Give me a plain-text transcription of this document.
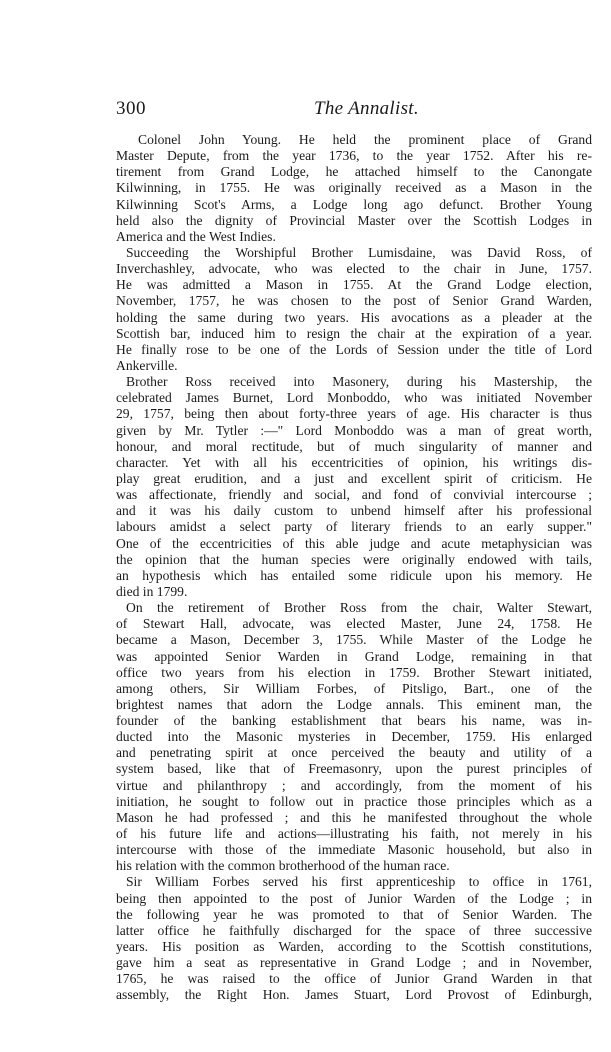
300	The Annalist.
Colonel John Young. He held the prominent place of Grand
Master Depute, from the year 1736, to the year 1752. After his re-
tirement from Grand Lodge, he attached himself to the Canongate
Kilwinning, in 1755. He was originally received as a Mason in the
Kilwinning Scot's Arms, a Lodge long ago defunct. Brother Young
held also the dignity of Provincial Master over the Scottish Lodges in
America and the West Indies.
Succeeding the Worshipful Brother Lumisdaine, was David Ross, of
Inverchashley, advocate, who was elected to the chair in June, 1757.
He was admitted a Mason in 1755. At the Grand Lodge election,
November, 1757, he was chosen to the post of Senior Grand Warden,
holding the same during two years. His avocations as a pleader at the
Scottish bar, induced him to resign the chair at the expiration of a year.
He finally rose to be one of the Lords of Session under the title of Lord
Ankerville.
Brother Ross received into Masonery, during his Mastership, the
celebrated James Burnet, Lord Monboddo, who was initiated November
29, 1757, being then about forty-three years of age. His character is thus
given by Mr. Tytler :—" Lord Monboddo was a man of great worth,
honour, and moral rectitude, but of much singularity of manner and
character. Yet with all his eccentricities of opinion, his writings dis-
play great erudition, and a just and excellent spirit of criticism. He
was affectionate, friendly and social, and fond of convivial intercourse ;
and it was his daily custom to unbend himself after his professional
labours amidst a select party of literary friends to an early supper."
One of the eccentricities of this able judge and acute metaphysician was
the opinion that the human species were originally endowed with tails,
an hypothesis which has entailed some ridicule upon his memory. He
died in 1799.
On the retirement of Brother Ross from the chair, Walter Stewart,
of Stewart Hall, advocate, was elected Master, June 24, 1758. He
became a Mason, December 3, 1755. While Master of the Lodge he
was appointed Senior Warden in Grand Lodge, remaining in that
office two years from his election in 1759. Brother Stewart initiated,
among others, Sir William Forbes, of Pitsligo, Bart., one of the
brightest names that adorn the Lodge annals. This eminent man, the
founder of the banking establishment that bears his name, was in-
ducted into the Masonic mysteries in December, 1759. His enlarged
and penetrating spirit at once perceived the beauty and utility of a
system based, like that of Freemasonry, upon the purest principles of
virtue and philanthropy ; and accordingly, from the moment of his
initiation, he sought to follow out in practice those principles which as a
Mason he had professed ; and this he manifested throughout the whole
of his future life and actions—illustrating his faith, not merely in his
intercourse with those of the immediate Masonic household, but also in
his relation with the common brotherhood of the human race.
Sir William Forbes served his first apprenticeship to office in 1761,
being then appointed to the post of Junior Warden of the Lodge ; in
the following year he was promoted to that of Senior Warden. The
latter office he faithfully discharged for the space of three successive
years. His position as Warden, according to the Scottish constitutions,
gave him a seat as representative in Grand Lodge ; and in November,
1765, he was raised to the office of Junior Grand Warden in that
assembly, the Right Hon. James Stuart, Lord Provost of Edinburgh,
